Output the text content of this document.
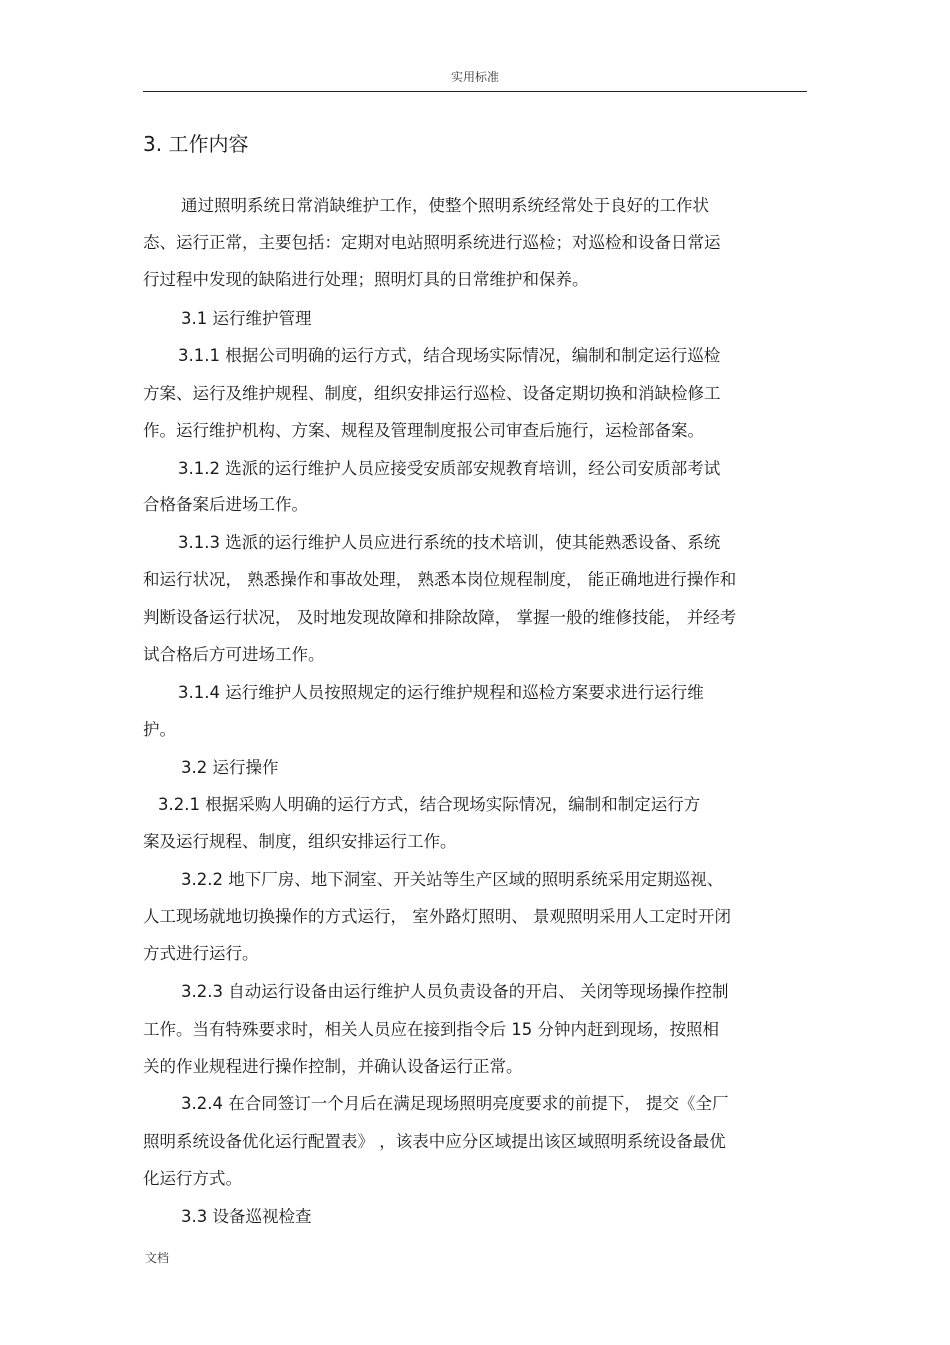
实用标准
3. 工作内容
通过照明系统日常消缺维护工作，使整个照明系统经常处于良好的工作状
态、运行正常，主要包括：定期对电站照明系统进行巡检；对巡检和设备日常运
行过程中发现的缺陷进行处理；照明灯具的日常维护和保养。
3.1 运行维护管理
3.1.1 根据公司明确的运行方式，结合现场实际情况，编制和制定运行巡检
方案、运行及维护规程、制度，组织安排运行巡检、设备定期切换和消缺检修工
作。运行维护机构、方案、规程及管理制度报公司审查后施行，运检部备案。
3.1.2 选派的运行维护人员应接受安质部安规教育培训，经公司安质部考试
合格备案后进场工作。
3.1.3 选派的运行维护人员应进行系统的技术培训，使其能熟悉设备、系统
和运行状况， 熟悉操作和事故处理， 熟悉本岗位规程制度， 能正确地进行操作和
判断设备运行状况， 及时地发现故障和排除故障， 掌握一般的维修技能， 并经考
试合格后方可进场工作。
3.1.4 运行维护人员按照规定的运行维护规程和巡检方案要求进行运行维
护。
3.2 运行操作
3.2.1 根据采购人明确的运行方式，结合现场实际情况，编制和制定运行方
案及运行规程、制度，组织安排运行工作。
3.2.2 地下厂房、地下洞室、开关站等生产区域的照明系统采用定期巡视、
人工现场就地切换操作的方式运行， 室外路灯照明、 景观照明采用人工定时开闭
方式进行运行。
3.2.3 自动运行设备由运行维护人员负责设备的开启、 关闭等现场操作控制
工作。当有特殊要求时，相关人员应在接到指令后 15 分钟内赶到现场，按照相
关的作业规程进行操作控制，并确认设备运行正常。
3.2.4 在合同签订一个月后在满足现场照明亮度要求的前提下， 提交《全厂
照明系统设备优化运行配置表》 ，该表中应分区域提出该区域照明系统设备最优
化运行方式。
3.3 设备巡视检查
文档
